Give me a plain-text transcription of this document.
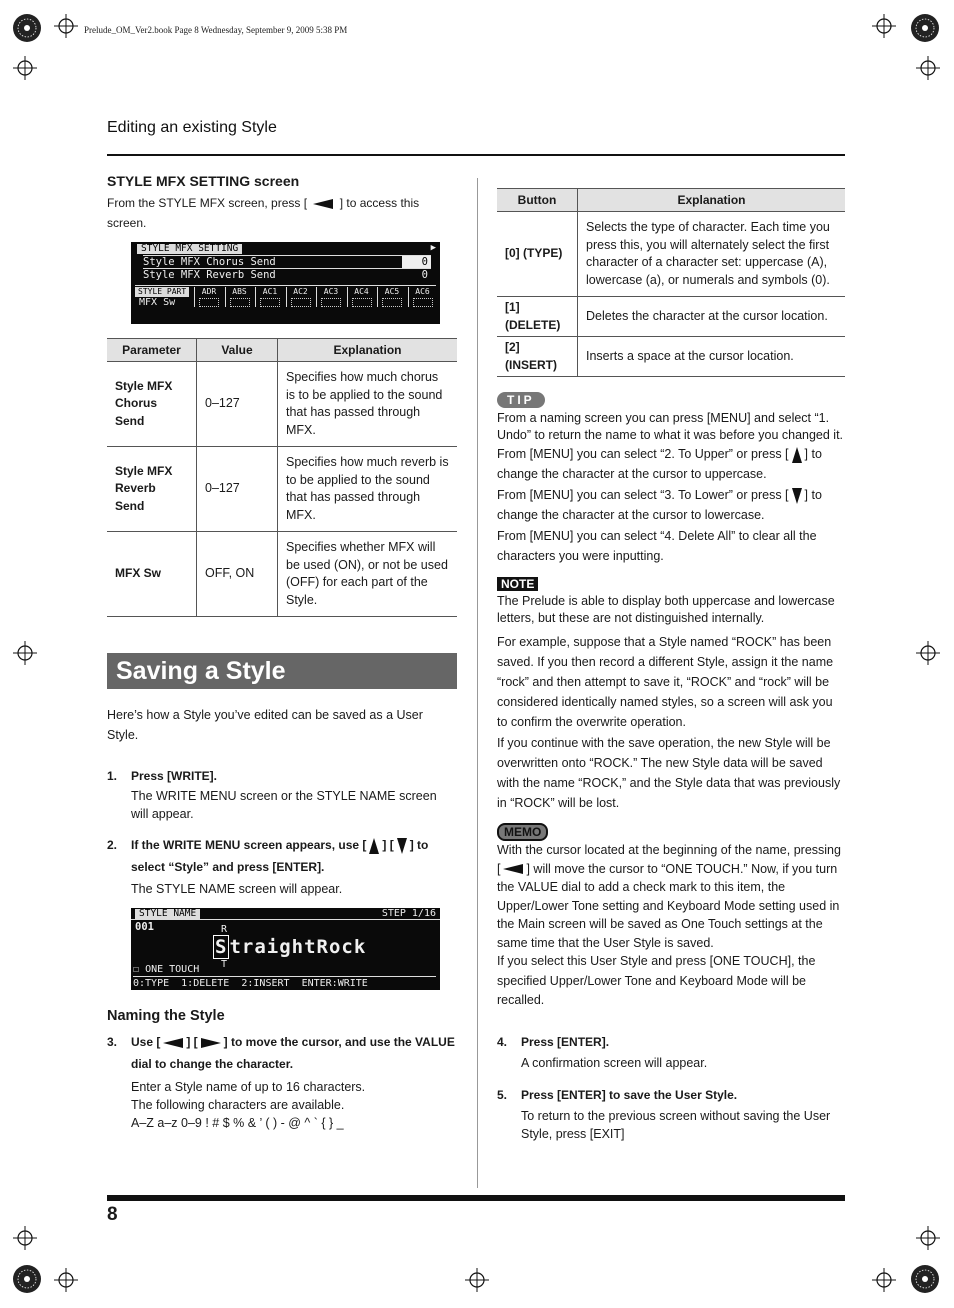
Prelude_OM_Ver2.book Page 8 Wednesday, September 9, 2009 5:38 PM
Editing an existing Style
STYLE MFX SETTING screen

From the STYLE MFX screen, press [	] to access this screen.

STYLE MFX SETTING	▶
Style MFX Chorus Send	0
Style MFX Reverb Send	0
STYLE PART
MFX Sw
ADR	ABS	AC1	AC2	AC3	AC4	AC5	AC6
Parameter	Value	Explanation
Style MFX Chorus Send	0–127	Specifies how much chorus is to be applied to the sound that has passed through MFX.
Style MFX Reverb Send	0–127	Specifies how much reverb is to be applied to the sound that has passed through MFX.
MFX Sw	OFF, ON	Specifies whether MFX will be used (ON), or not be used (OFF) for each part of the Style.
Saving a Style

Here’s how a Style you’ve edited can be saved as a User Style.

1. Press [WRITE].
The WRITE MENU screen or the STYLE NAME screen will appear.
2. If the WRITE MENU screen appears, use [ ] [ ] to
select “Style” and press [ENTER].
The STYLE NAME screen will appear.
STYLE NAME	STEP 1/16
001	R
S traightRock
T
☐ ONE TOUCH
0:TYPE  1:DELETE  2:INSERT  ENTER:WRITE
Naming the Style
3. Use [ ] [ ] to move the cursor, and use the VALUE
dial to change the character.
Enter a Style name of up to 16 characters.
The following characters are available.
A–Z a–z 0–9 ! # $ % & ’ ( ) - @ ^ ` { } _
Button	Explanation
[0] (TYPE)	Selects the type of character. Each time you press this, you will alternately select the first character of a character set: uppercase (A), lowercase (a), or numerals and symbols (0).
[1] (DELETE)	Deletes the character at the cursor location.
[2] (INSERT)	Inserts a space at the cursor location.
TIP

From a naming screen you can press [MENU] and select “1. Undo” to return the name to what it was before you changed it.

From [MENU] you can select “2. To Upper” or press [ ] to change the character at the cursor to uppercase.

From [MENU] you can select “3. To Lower” or press [ ] to change the character at the cursor to lowercase.

From [MENU] you can select “4. Delete All” to clear all the characters you were inputting.

NOTE

The Prelude is able to display both uppercase and lowercase letters, but these are not distinguished internally.

For example, suppose that a Style named “ROCK” has been saved. If you then record a different Style, assign it the name “rock” and then attempt to save it, “ROCK” and “rock” will be considered identically named styles, so a screen will ask you to confirm the overwrite operation.

If you continue with the save operation, the new Style will be overwritten onto “ROCK.” The new Style data will be saved with the name “ROCK,” and the Style data that was previously in “ROCK” will be lost.

MEMO

With the cursor located at the beginning of the name, pressing [ ] will move the cursor to “ONE TOUCH.” Now, if you turn the VALUE dial to add a check mark to this item, the Upper/Lower Tone setting and Keyboard Mode setting used in the Main screen will be saved as One Touch settings at the same time that the User Style is saved.

If you select this User Style and press [ONE TOUCH], the specified Upper/Lower Tone and Keyboard Mode will be recalled.

4. Press [ENTER].
A confirmation screen will appear.
5. Press [ENTER] to save the User Style.
To return to the previous screen without saving the User Style, press [EXIT]
8
